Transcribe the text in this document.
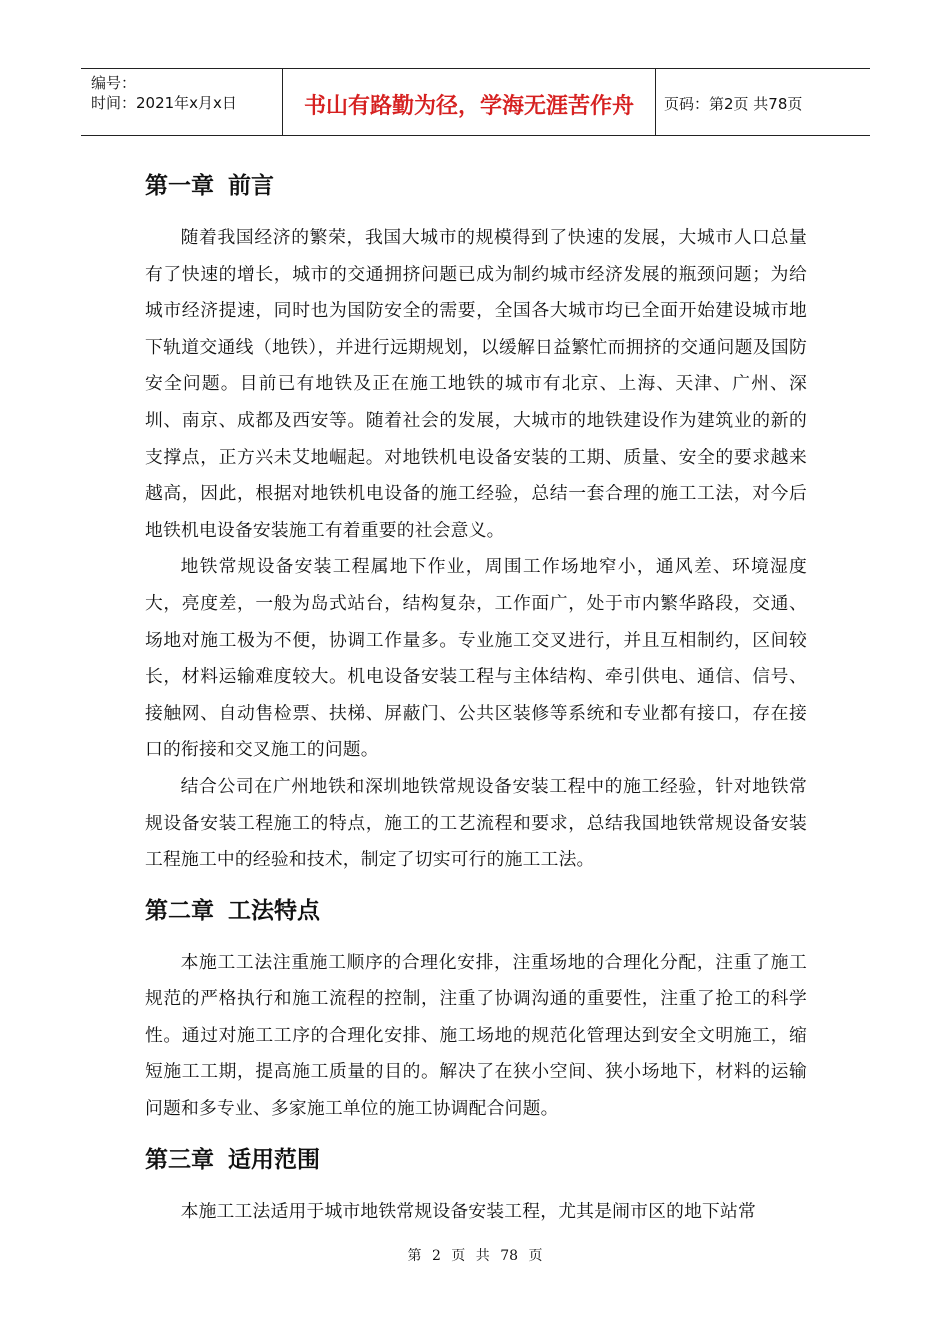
编号：
时间：2021年x月x日	书山有路勤为径，学海无涯苦作舟	页码：第2页 共78页
第一章 前言

随着我国经济的繁荣，我国大城市的规模得到了快速的发展，大城市人口总量有了快速的增长，城市的交通拥挤问题已成为制约城市经济发展的瓶颈问题；为给城市经济提速，同时也为国防安全的需要，全国各大城市均已全面开始建设城市地下轨道交通线（地铁），并进行远期规划，以缓解日益繁忙而拥挤的交通问题及国防安全问题。目前已有地铁及正在施工地铁的城市有北京、上海、天津、广州、深圳、南京、成都及西安等。随着社会的发展，大城市的地铁建设作为建筑业的新的支撑点，正方兴未艾地崛起。对地铁机电设备安装的工期、质量、安全的要求越来越高，因此，根据对地铁机电设备的施工经验，总结一套合理的施工工法，对今后地铁机电设备安装施工有着重要的社会意义。

地铁常规设备安装工程属地下作业，周围工作场地窄小，通风差、环境湿度大，亮度差，一般为岛式站台，结构复杂，工作面广，处于市内繁华路段，交通、场地对施工极为不便，协调工作量多。专业施工交叉进行，并且互相制约，区间较长，材料运输难度较大。机电设备安装工程与主体结构、牵引供电、通信、信号、接触网、自动售检票、扶梯、屏蔽门、公共区装修等系统和专业都有接口，存在接口的衔接和交叉施工的问题。

结合公司在广州地铁和深圳地铁常规设备安装工程中的施工经验，针对地铁常规设备安装工程施工的特点，施工的工艺流程和要求，总结我国地铁常规设备安装工程施工中的经验和技术，制定了切实可行的施工工法。

第二章 工法特点

本施工工法注重施工顺序的合理化安排，注重场地的合理化分配，注重了施工规范的严格执行和施工流程的控制，注重了协调沟通的重要性，注重了抢工的科学性。通过对施工工序的合理化安排、施工场地的规范化管理达到安全文明施工，缩短施工工期，提高施工质量的目的。解决了在狭小空间、狭小场地下，材料的运输问题和多专业、多家施工单位的施工协调配合问题。

第三章 适用范围

本施工工法适用于城市地铁常规设备安装工程，尤其是闹市区的地下站常

第 2 页 共 78 页
